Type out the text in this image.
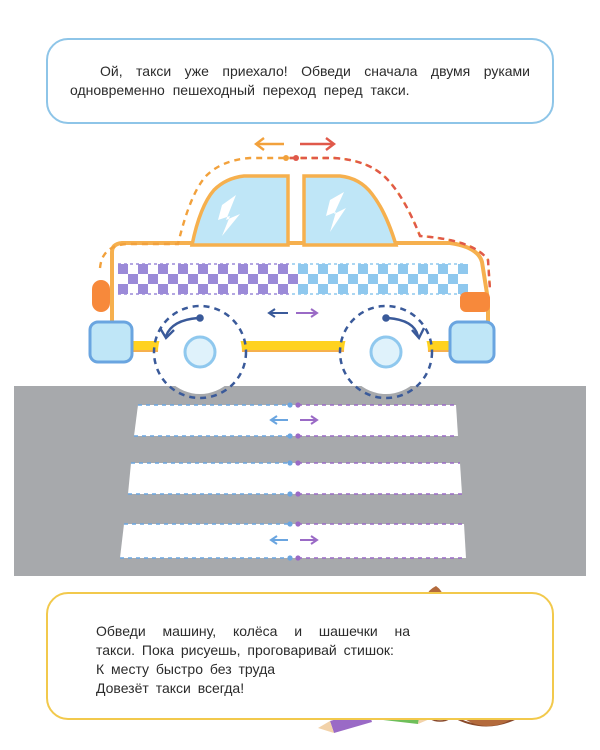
Ой, такси уже приехало! Обведи сначала двумя руками одновременно пешеходный переход перед такси.

Обведи машину, колёса и шашечки на

такси. Пока рисуешь, проговаривай стишок:

К месту быстро без труда

Довезёт такси всегда!
